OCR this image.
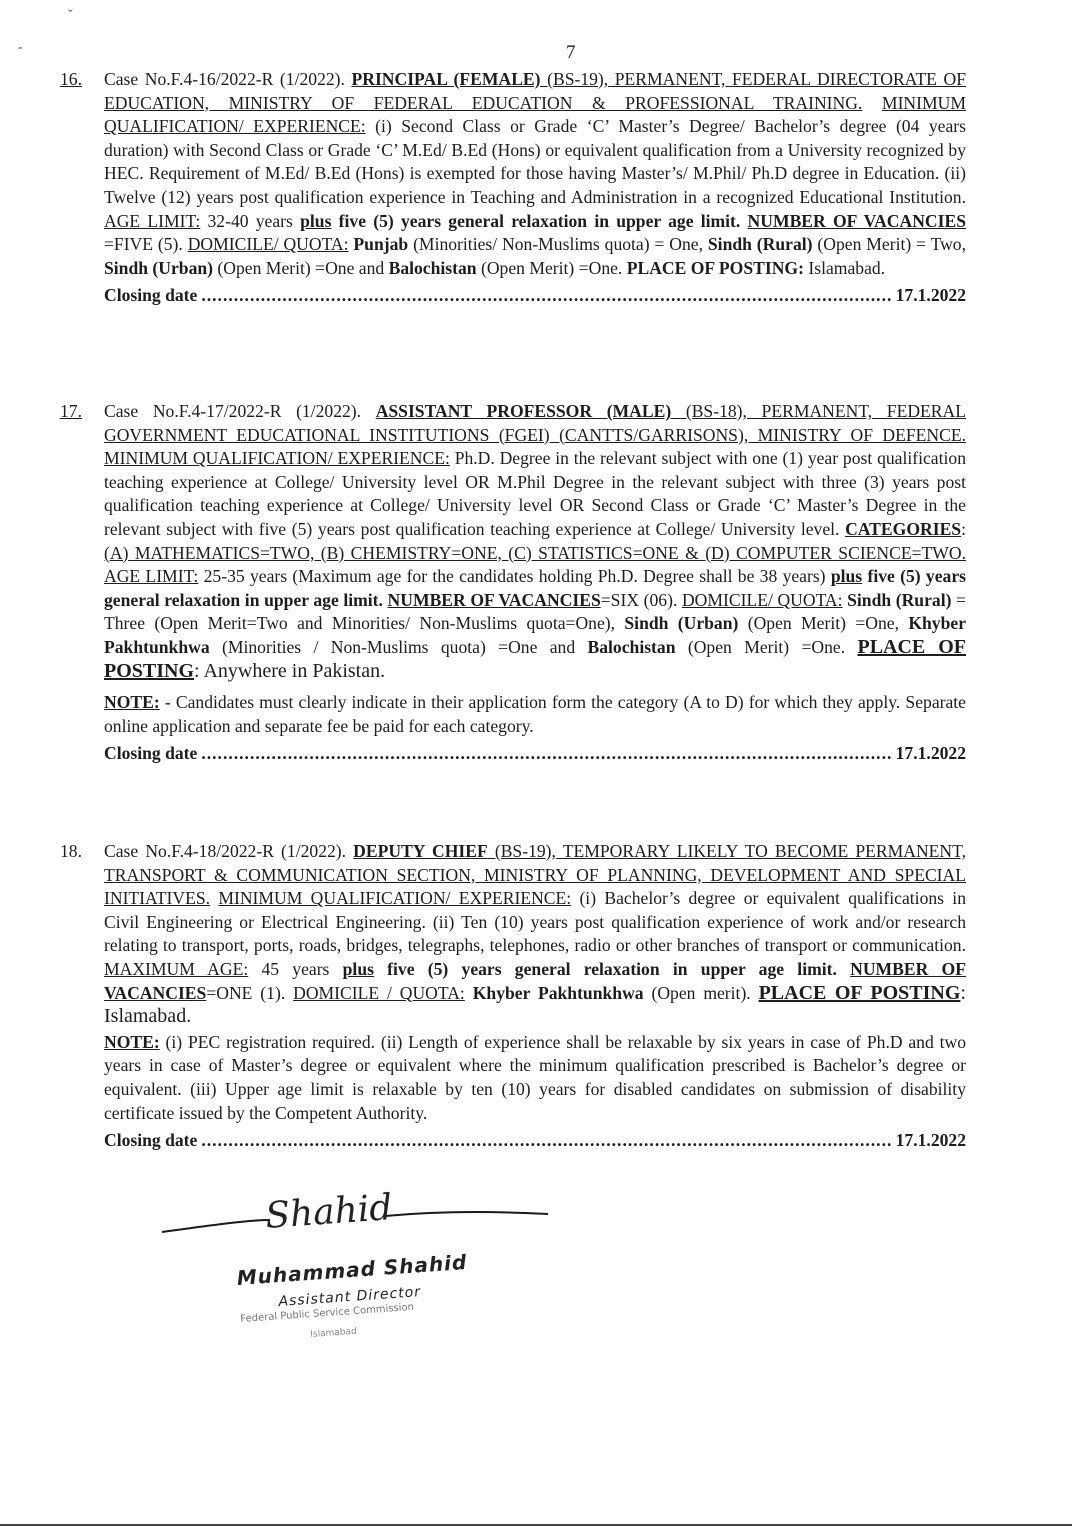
ˇ
-	7
16. Case No.F.4-16/2022-R (1/2022). PRINCIPAL (FEMALE) (BS-19), PERMANENT, FEDERAL DIRECTORATE OF EDUCATION, MINISTRY OF FEDERAL EDUCATION & PROFESSIONAL TRAINING. MINIMUM QUALIFICATION/ EXPERIENCE: (i) Second Class or Grade ‘C’ Master’s Degree/ Bachelor’s degree (04 years duration) with Second Class or Grade ‘C’ M.Ed/ B.Ed (Hons) or equivalent qualification from a University recognized by HEC. Requirement of M.Ed/ B.Ed (Hons) is exempted for those having Master’s/ M.Phil/ Ph.D degree in Education. (ii) Twelve (12) years post qualification experience in Teaching and Administration in a recognized Educational Institution. AGE LIMIT: 32-40 years plus five (5) years general relaxation in upper age limit. NUMBER OF VACANCIES =FIVE (5). DOMICILE/ QUOTA: Punjab (Minorities/ Non-Muslims quota) = One, Sindh (Rural) (Open Merit) = Two, Sindh (Urban) (Open Merit) =One and Balochistan (Open Merit) =One. PLACE OF POSTING: Islamabad.

Closing date .....	17.1.2022
17. Case No.F.4-17/2022-R (1/2022). ASSISTANT PROFESSOR (MALE) (BS-18), PERMANENT, FEDERAL GOVERNMENT EDUCATIONAL INSTITUTIONS (FGEI) (CANTTS/GARRISONS), MINISTRY OF DEFENCE. MINIMUM QUALIFICATION/ EXPERIENCE: Ph.D. Degree in the relevant subject with one (1) year post qualification teaching experience at College/ University level OR M.Phil Degree in the relevant subject with three (3) years post qualification teaching experience at College/ University level OR Second Class or Grade ‘C’ Master’s Degree in the relevant subject with five (5) years post qualification teaching experience at College/ University level. CATEGORIES: (A) MATHEMATICS=TWO, (B) CHEMISTRY=ONE, (C) STATISTICS=ONE & (D) COMPUTER SCIENCE=TWO. AGE LIMIT: 25-35 years (Maximum age for the candidates holding Ph.D. Degree shall be 38 years) plus five (5) years general relaxation in upper age limit. NUMBER OF VACANCIES=SIX (06). DOMICILE/ QUOTA: Sindh (Rural) = Three (Open Merit=Two and Minorities/ Non-Muslims quota=One), Sindh (Urban) (Open Merit) =One, Khyber Pakhtunkhwa (Minorities / Non-Muslims quota) =One and Balochistan (Open Merit) =One. PLACE OF POSTING: Anywhere in Pakistan.

NOTE: - Candidates must clearly indicate in their application form the category (A to D) for which they apply. Separate online application and separate fee be paid for each category.

Closing date .....	17.1.2022
18. Case No.F.4-18/2022-R (1/2022). DEPUTY CHIEF (BS-19), TEMPORARY LIKELY TO BECOME PERMANENT, TRANSPORT & COMMUNICATION SECTION, MINISTRY OF PLANNING, DEVELOPMENT AND SPECIAL INITIATIVES. MINIMUM QUALIFICATION/ EXPERIENCE: (i) Bachelor’s degree or equivalent qualifications in Civil Engineering or Electrical Engineering. (ii) Ten (10) years post qualification experience of work and/or research relating to transport, ports, roads, bridges, telegraphs, telephones, radio or other branches of transport or communication. MAXIMUM AGE: 45 years plus five (5) years general relaxation in upper age limit. NUMBER OF VACANCIES=ONE (1). DOMICILE / QUOTA: Khyber Pakhtunkhwa (Open merit). PLACE OF POSTING: Islamabad.

NOTE: (i) PEC registration required. (ii) Length of experience shall be relaxable by six years in case of Ph.D and two years in case of Master’s degree or equivalent where the minimum qualification prescribed is Bachelor’s degree or equivalent. (iii) Upper age limit is relaxable by ten (10) years for disabled candidates on submission of disability certificate issued by the Competent Authority.

Closing date .....	17.1.2022
Shahid
Muhammad Shahid
Assistant Director
Federal Public Service Commission
Islamabad
